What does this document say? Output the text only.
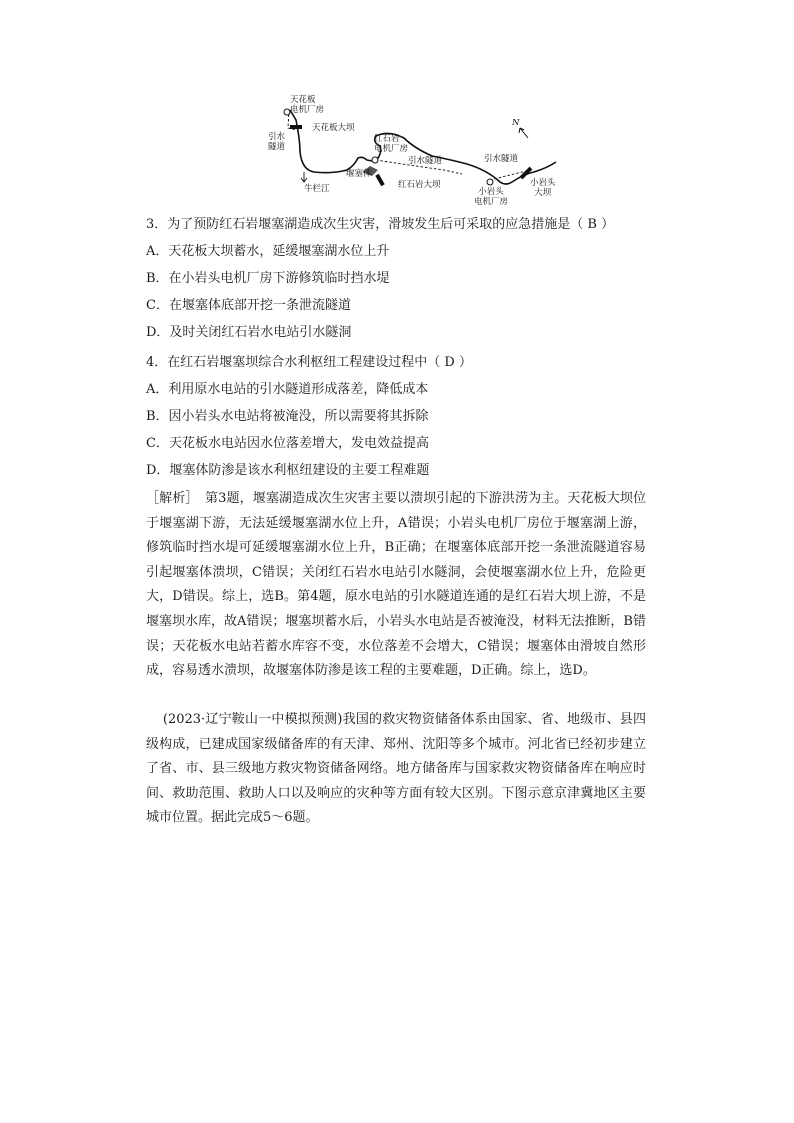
天花板
电机厂房
天花板大坝
引水
隧道
牛栏江
红石岩
电机厂房
堰塞体
红石岩大坝
引水隧道	引水隧道
小岩头
电机厂房
小岩头
大坝
N
3．为了预防红石岩堰塞湖造成次生灾害，滑坡发生后可采取的应急措施是（ B ）
A．天花板大坝蓄水，延缓堰塞湖水位上升
B．在小岩头电机厂房下游修筑临时挡水堤
C．在堰塞体底部开挖一条泄流隧道
D．及时关闭红石岩水电站引水隧洞
4．在红石岩堰塞坝综合水利枢纽工程建设过程中（ D ）
A．利用原水电站的引水隧道形成落差，降低成本
B．因小岩头水电站将被淹没，所以需要将其拆除
C．天花板水电站因水位落差增大，发电效益提高
D．堰塞体防渗是该水利枢纽建设的主要工程难题

［解析］　第3题，堰塞湖造成次生灾害主要以溃坝引起的下游洪涝为主。天花板大坝位于堰塞湖下游，无法延缓堰塞湖水位上升，A错误；小岩头电机厂房位于堰塞湖上游，修筑临时挡水堤可延缓堰塞湖水位上升，B正确；在堰塞体底部开挖一条泄流隧道容易引起堰塞体溃坝，C错误；关闭红石岩水电站引水隧洞，会使堰塞湖水位上升，危险更大，D错误。综上，选B。第4题，原水电站的引水隧道连通的是红石岩大坝上游，不是堰塞坝水库，故A错误；堰塞坝蓄水后，小岩头水电站是否被淹没，材料无法推断，B错误；天花板水电站若蓄水库容不变，水位落差不会增大，C错误；堰塞体由滑坡自然形成，容易透水溃坝，故堰塞体防渗是该工程的主要难题，D正确。综上，选D。

(2023·辽宁鞍山一中模拟预测)我国的救灾物资储备体系由国家、省、地级市、县四级构成，已建成国家级储备库的有天津、郑州、沈阳等多个城市。河北省已经初步建立了省、市、县三级地方救灾物资储备网络。地方储备库与国家救灾物资储备库在响应时间、救助范围、救助人口以及响应的灾种等方面有较大区别。下图示意京津冀地区主要城市位置。据此完成5～6题。
